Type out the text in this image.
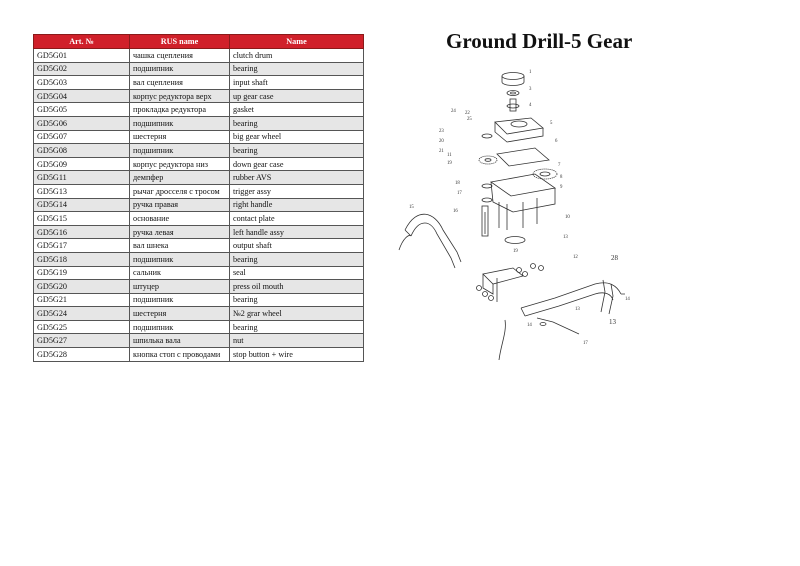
Art. №	RUS name	Name
GD5G01	чашка сцепления	clutch drum
GD5G02	подшипник	bearing
GD5G03	вал сцепления	input shaft
GD5G04	корпус редуктора верх	up gear case
GD5G05	прокладка редуктора	gasket
GD5G06	подшипник	bearing
GD5G07	шестерня	big gear wheel
GD5G08	подшипник	bearing
GD5G09	корпус редуктора низ	down gear case
GD5G11	демпфер	rubber AVS
GD5G13	рычаг дросселя с тросом	trigger assy
GD5G14	ручка правая	right handle
GD5G15	основание	contact plate
GD5G16	ручка левая	left handle assy
GD5G17	вал шнека	output shaft
GD5G18	подшипник	bearing
GD5G19	сальник	seal
GD5G20	штуцер	press oil mouth
GD5G21	подшипник	bearing
GD5G24	шестерня	№2 grar wheel
GD5G25	подшипник	bearing
GD5G27	шпилька вала	nut
GD5G28	кнопка стоп с проводами	stop button + wire
Ground Drill-5 Gear
1
3
4
5
6
7
8
9
10
11
12
13
14
15
16
17
18
19
20
21
22
23
24
25
28
13
14
13
17
19
